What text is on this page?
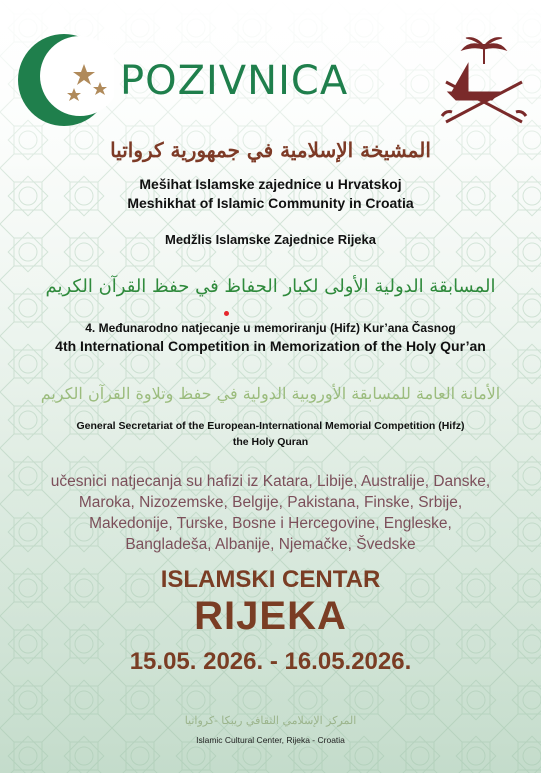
POZIVNICA
المشيخة الإسلامية في جمهورية كرواتيا
Mešihat Islamske zajednice u Hrvatskoj
Meshikhat of Islamic Community in Croatia
Medžlis Islamske Zajednice Rijeka
المسابقة الدولية الأولى لكبار الحفاظ في حفظ القرآن الكريم
4. Međunarodno natjecanje u memoriranju (Hifz) Kur’ana Časnog
4th International Competition in Memorization of the Holy Qur’an
الأمانة العامة للمسابقة الأوروبية الدولية في حفظ وتلاوة القرآن الكريم
General Secretariat of the European-International Memorial Competition (Hifz)
the Holy Quran
učesnici natjecanja su hafizi iz Katara, Libije, Australije, Danske,
Maroka, Nizozemske, Belgije, Pakistana, Finske, Srbije,
Makedonije, Turske, Bosne i Hercegovine, Engleske,
Bangladeša, Albanije, Njemačke, Švedske
ISLAMSKI CENTAR
RIJEKA
15.05. 2026. - 16.05.2026.
المركز الإسلامي الثقافي ريبكا -كرواتيا
Islamic Cultural Center, Rijeka - Croatia
